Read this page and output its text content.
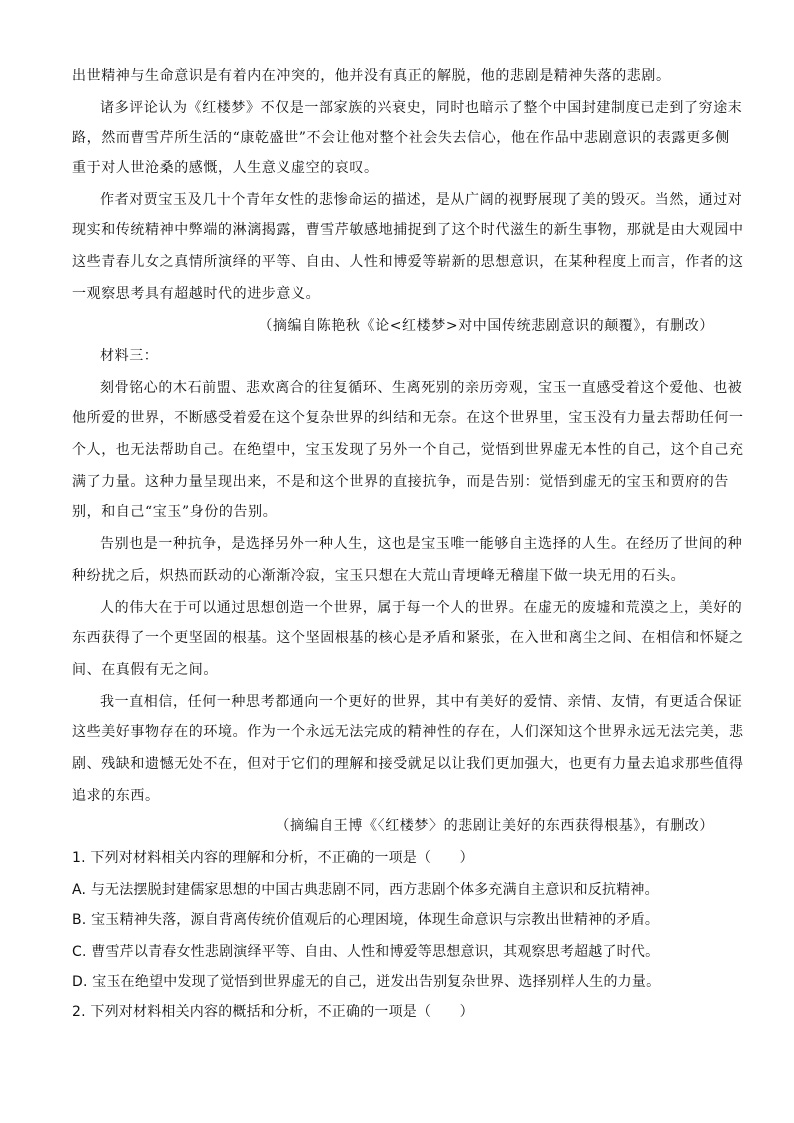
出世精神与生命意识是有着内在冲突的，他并没有真正的解脱，他的悲剧是精神失落的悲剧。
诸多评论认为《红楼梦》不仅是一部家族的兴衰史，同时也暗示了整个中国封建制度已走到了穷途末
路，然而曹雪芹所生活的“康乾盛世”不会让他对整个社会失去信心，他在作品中悲剧意识的表露更多侧
重于对人世沧桑的感慨，人生意义虚空的哀叹。
作者对贾宝玉及几十个青年女性的悲惨命运的描述，是从广阔的视野展现了美的毁灭。当然，通过对
现实和传统精神中弊端的淋漓揭露，曹雪芹敏感地捕捉到了这个时代滋生的新生事物，那就是由大观园中
这些青春儿女之真情所演绎的平等、自由、人性和博爱等崭新的思想意识，在某种程度上而言，作者的这
一观察思考具有超越时代的进步意义。
（摘编自陈艳秋《论<红楼梦>对中国传统悲剧意识的颠覆》，有删改）
材料三：
刻骨铭心的木石前盟、悲欢离合的往复循环、生离死别的亲历旁观，宝玉一直感受着这个爱他、也被
他所爱的世界，不断感受着爱在这个复杂世界的纠结和无奈。在这个世界里，宝玉没有力量去帮助任何一
个人，也无法帮助自己。在绝望中，宝玉发现了另外一个自己，觉悟到世界虚无本性的自己，这个自己充
满了力量。这种力量呈现出来，不是和这个世界的直接抗争，而是告别：觉悟到虚无的宝玉和贾府的告
别，和自己“宝玉”身份的告别。
告别也是一种抗争，是选择另外一种人生，这也是宝玉唯一能够自主选择的人生。在经历了世间的种
种纷扰之后，炽热而跃动的心渐渐冷寂，宝玉只想在大荒山青埂峰无稽崖下做一块无用的石头。
人的伟大在于可以通过思想创造一个世界，属于每一个人的世界。在虚无的废墟和荒漠之上，美好的
东西获得了一个更坚固的根基。这个坚固根基的核心是矛盾和紧张，在入世和离尘之间、在相信和怀疑之
间、在真假有无之间。
我一直相信，任何一种思考都通向一个更好的世界，其中有美好的爱情、亲情、友情，有更适合保证
这些美好事物存在的环境。作为一个永远无法完成的精神性的存在，人们深知这个世界永远无法完美，悲
剧、残缺和遗憾无处不在，但对于它们的理解和接受就足以让我们更加强大，也更有力量去追求那些值得
追求的东西。
（摘编自王博《〈红楼梦〉的悲剧让美好的东西获得根基》，有删改）
1. 下列对材料相关内容的理解和分析，不正确的一项是（　　）
A. 与无法摆脱封建儒家思想的中国古典悲剧不同，西方悲剧个体多充满自主意识和反抗精神。
B. 宝玉精神失落，源自背离传统价值观后的心理困境，体现生命意识与宗教出世精神的矛盾。
C. 曹雪芹以青春女性悲剧演绎平等、自由、人性和博爱等思想意识，其观察思考超越了时代。
D. 宝玉在绝望中发现了觉悟到世界虚无的自己，迸发出告别复杂世界、选择别样人生的力量。
2. 下列对材料相关内容的概括和分析，不正确的一项是（　　）
